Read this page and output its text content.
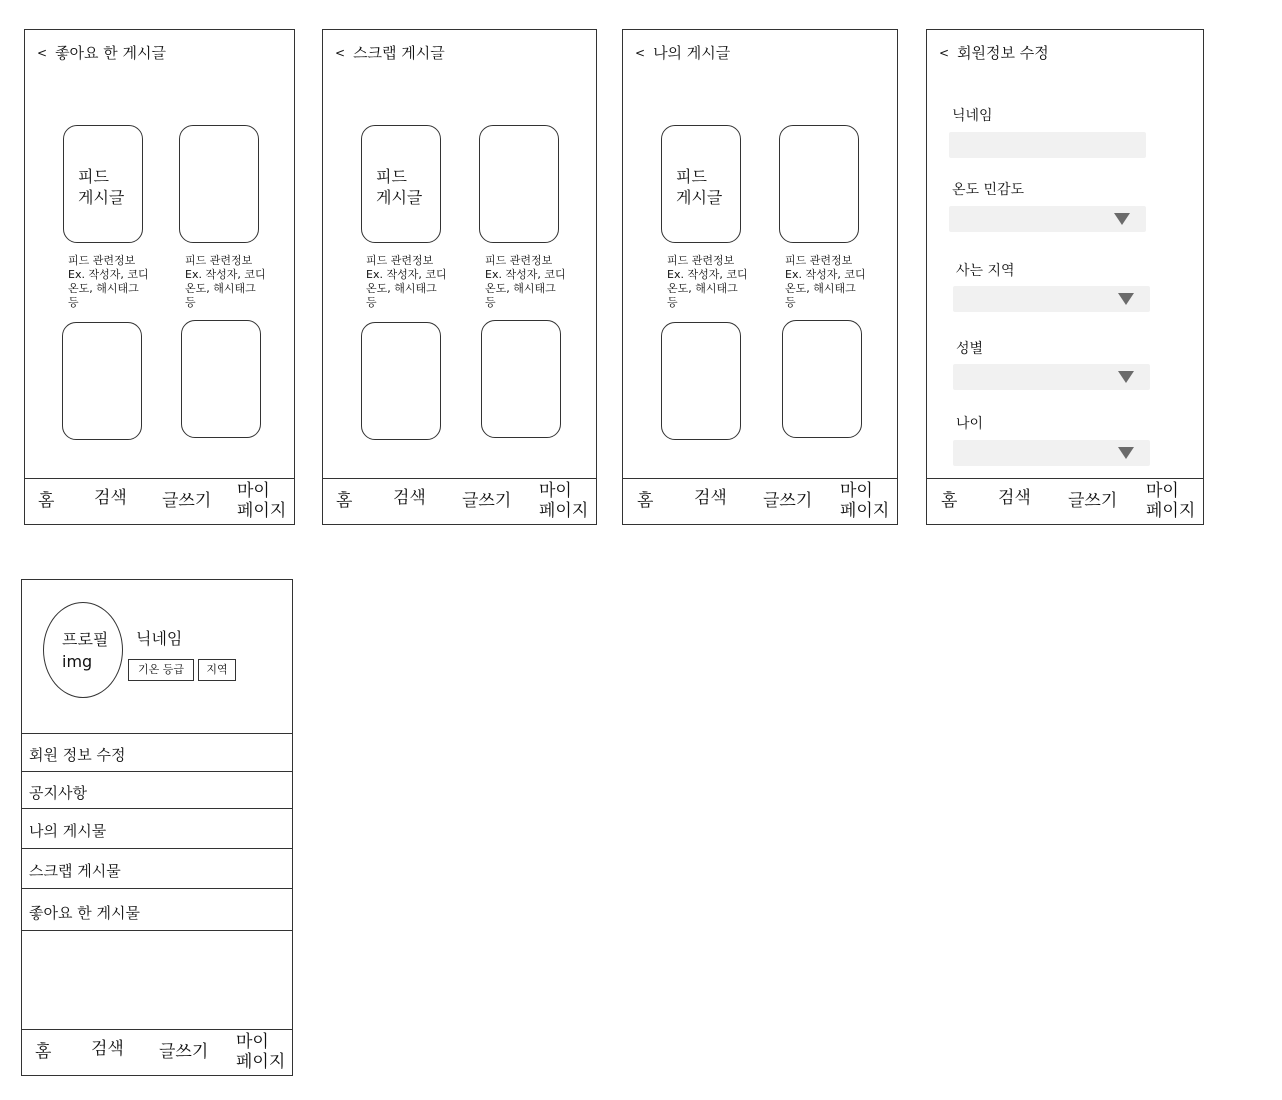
< 좋아요 한 게시글
피드
게시글
피드 관련정보
Ex. 작성자, 코디
온도, 해시태그
등
피드 관련정보
Ex. 작성자, 코디
온도, 해시태그
등
홈 검색 글쓰기 마이
페이지
< 스크랩 게시글
피드
게시글
피드 관련정보
Ex. 작성자, 코디
온도, 해시태그
등
피드 관련정보
Ex. 작성자, 코디
온도, 해시태그
등
홈 검색 글쓰기 마이
페이지
< 나의 게시글
피드
게시글
피드 관련정보
Ex. 작성자, 코디
온도, 해시태그
등
피드 관련정보
Ex. 작성자, 코디
온도, 해시태그
등
홈 검색 글쓰기 마이
페이지
< 회원정보 수정
닉네임
온도 민감도
사는 지역
성별
나이
홈 검색 글쓰기 마이
페이지
프로필
img
닉네임
기온 등급	지역
회원 정보 수정
공지사항
나의 게시물
스크랩 게시물
좋아요 한 게시물
홈 검색 글쓰기 마이
페이지
